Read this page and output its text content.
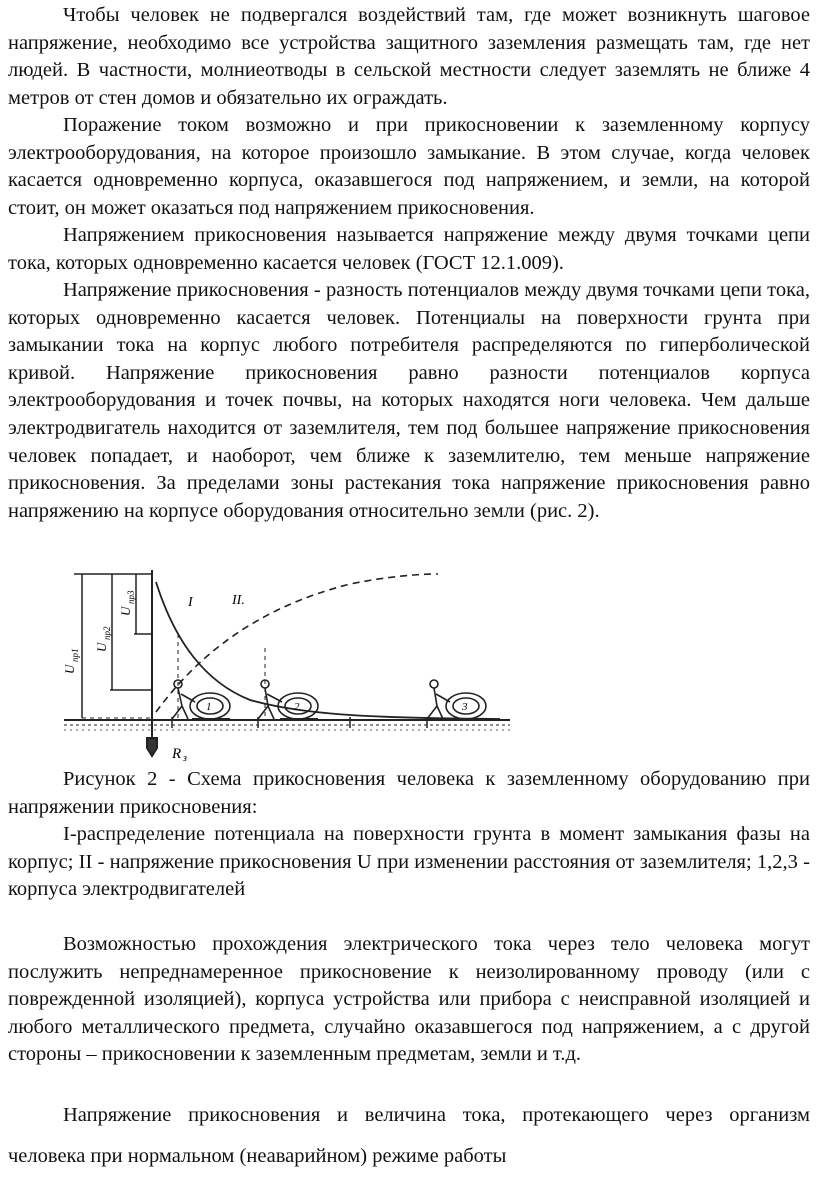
Чтобы человек не подвергался воздействий там, где может возникнуть шаговое напряжение, необходимо все устройства защитного заземления размещать там, где нет людей. В частности, молниеотводы в сельской местности следует заземлять не ближе 4 метров от стен домов и обязательно их ограждать.

Поражение током возможно и при прикосновении к заземленному корпусу электрооборудования, на которое произошло замыкание. В этом случае, когда человек касается одновременно корпуса, оказавшегося под напряжением, и земли, на которой стоит, он может оказаться под напряжением прикосновения.

Напряжением прикосновения называется напряжение между двумя точками цепи тока, которых одновременно касается человек (ГОСТ 12.1.009).

Напряжение прикосновения - разность потенциалов между двумя точками цепи тока, которых одновременно касается человек. Потенциалы на поверхности грунта при замыкании тока на корпус любого потребителя распределяются по гиперболической кривой. Напряжение прикосновения равно разности потенциалов корпуса электрооборудования и точек почвы, на которых находятся ноги человека. Чем дальше электродвигатель находится от заземлителя, тем под большее напряжение прикосновения человек попадает, и наоборот, чем ближе к заземлителю, тем меньше напряжение прикосновения. За пределами зоны растекания тока напряжение прикосновения равно напряжению на корпусе оборудования относительно земли (рис. 2).

R з
U
пр1
U
пр2
U
пр3	I	II.
1	2	3

Рисунок 2 - Схема прикосновения человека к заземленному оборудованию при напряжении прикосновения:

I-распределение потенциала на поверхности грунта в момент замыкания фазы на корпус; II - напряжение прикосновения U при изменении расстояния от заземлителя; 1,2,3 - корпуса электродвигателей

Возможностью прохождения электрического тока через тело человека могут послужить непреднамеренное прикосновение к неизолированному проводу (или с поврежденной изоляцией), корпуса устройства или прибора с неисправной изоляцией и любого металлического предмета, случайно оказавшегося под напряжением, а с другой стороны – прикосновении к заземленным предметам, земли и т.д.

Напряжение прикосновения и величина тока, протекающего через организм человека при нормальном (неаварийном) режиме работы
